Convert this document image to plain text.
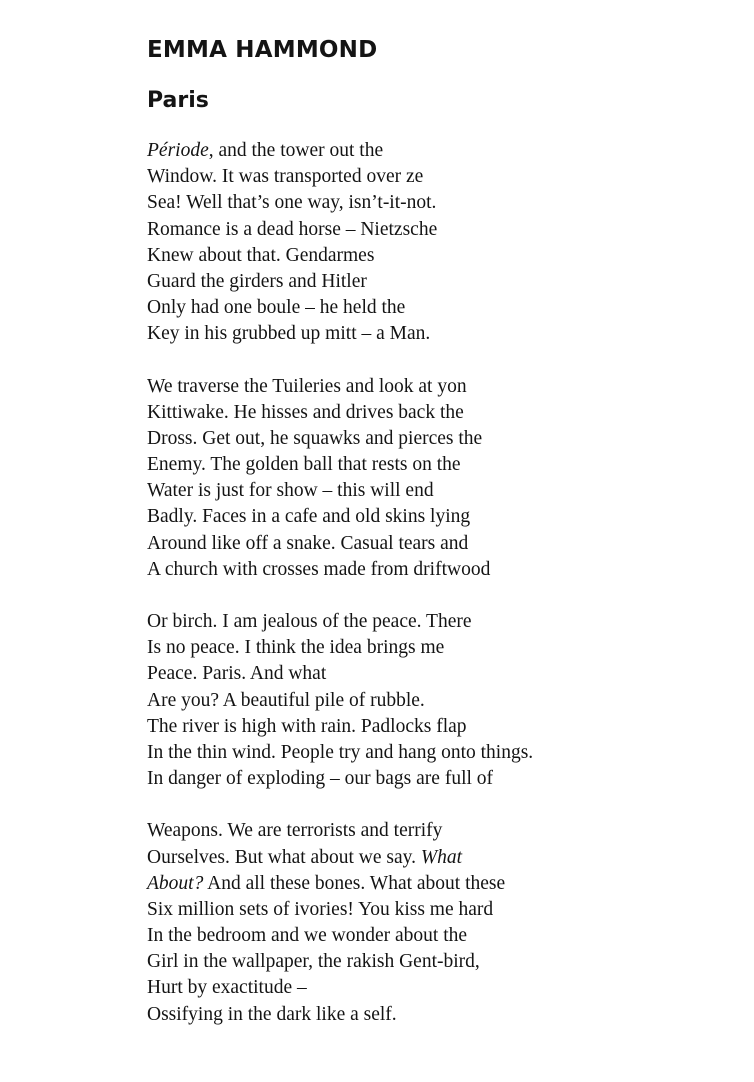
EMMA HAMMOND
Paris
Période, and the tower out the
Window. It was transported over ze
Sea! Well that’s one way, isn’t-it-not.
Romance is a dead horse – Nietzsche
Knew about that. Gendarmes
Guard the girders and Hitler
Only had one boule – he held the
Key in his grubbed up mitt – a Man.
We traverse the Tuileries and look at yon
Kittiwake. He hisses and drives back the
Dross. Get out, he squawks and pierces the
Enemy. The golden ball that rests on the
Water is just for show – this will end
Badly. Faces in a cafe and old skins lying
Around like off a snake. Casual tears and
A church with crosses made from driftwood
Or birch. I am jealous of the peace. There
Is no peace. I think the idea brings me
Peace. Paris. And what
Are you? A beautiful pile of rubble.
The river is high with rain. Padlocks flap
In the thin wind. People try and hang onto things.
In danger of exploding – our bags are full of
Weapons. We are terrorists and terrify
Ourselves. But what about we say. What
About? And all these bones. What about these
Six million sets of ivories! You kiss me hard
In the bedroom and we wonder about the
Girl in the wallpaper, the rakish Gent-bird,
Hurt by exactitude –
Ossifying in the dark like a self.
